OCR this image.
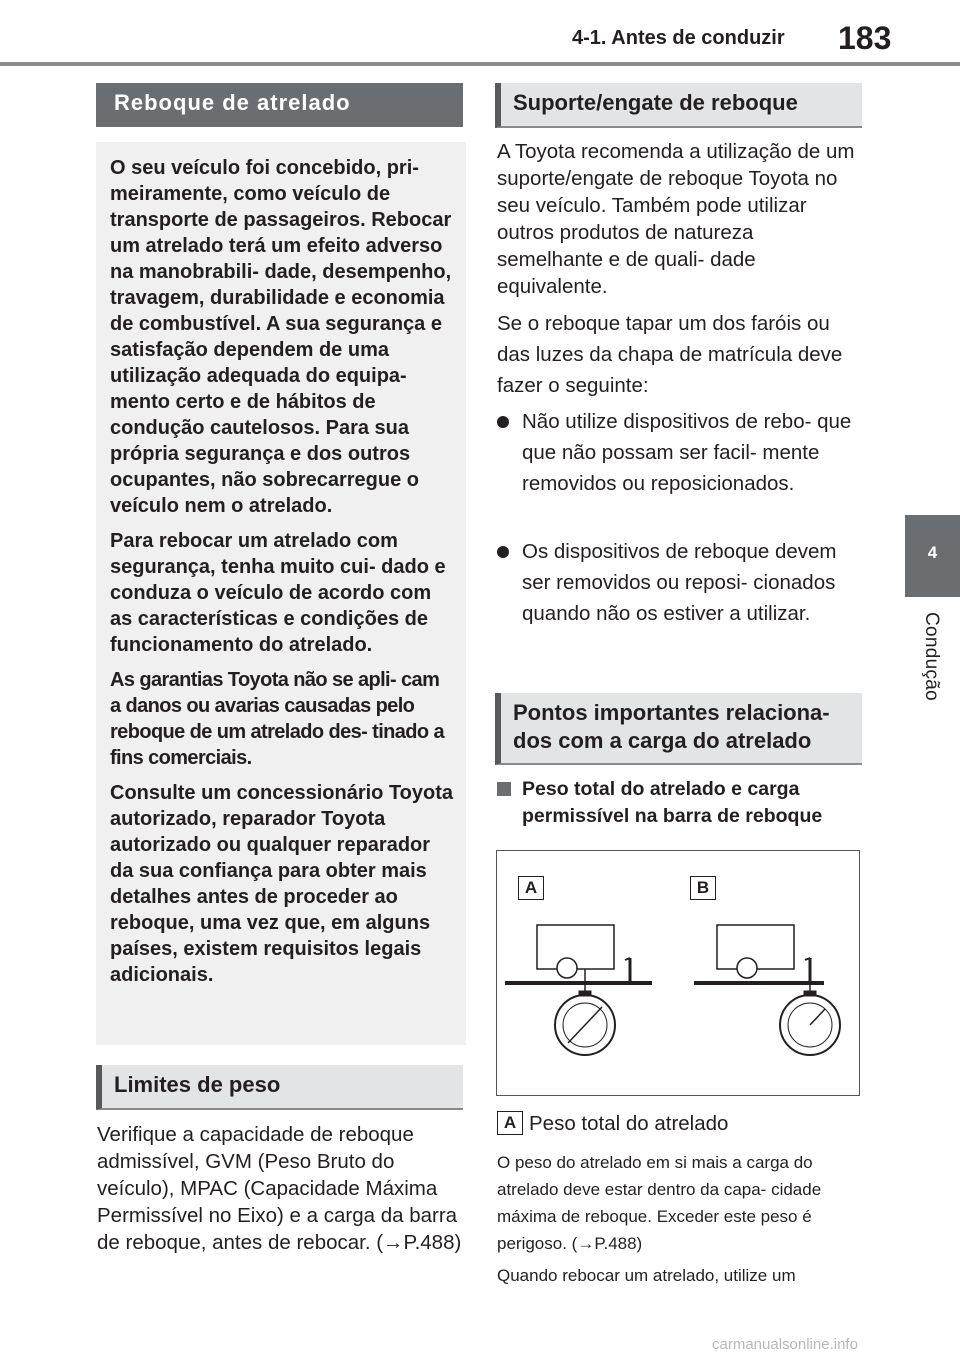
4-1. Antes de conduzir 183
4
Condução
Reboque de atrelado

O seu veículo foi concebido, pri- meiramente, como veículo de transporte de passageiros. Rebocar um atrelado terá um efeito adverso na manobrabili- dade, desempenho, travagem, durabilidade e economia de combustível. A sua segurança e satisfação dependem de uma utilização adequada do equipa- mento certo e de hábitos de condução cautelosos. Para sua própria segurança e dos outros ocupantes, não sobrecarregue o veículo nem o atrelado.

Para rebocar um atrelado com segurança, tenha muito cui- dado e conduza o veículo de acordo com as características e condições de funcionamento do atrelado.

As garantias Toyota não se apli- cam a danos ou avarias causadas pelo reboque de um atrelado des- tinado a fins comerciais.

Consulte um concessionário Toyota autorizado, reparador Toyota autorizado ou qualquer reparador da sua confiança para obter mais detalhes antes de proceder ao reboque, uma vez que, em alguns países, existem requisitos legais adicionais.

Limites de peso

Verifique a capacidade de reboque admissível, GVM (Peso Bruto do veículo), MPAC (Capacidade Máxima Permissível no Eixo) e a carga da barra de reboque, antes de rebocar. (→P.488)

Suporte/engate de reboque

A Toyota recomenda a utilização de um suporte/engate de reboque Toyota no seu veículo. Também pode utilizar outros produtos de natureza semelhante e de quali- dade equivalente.

Se o reboque tapar um dos faróis ou das luzes da chapa de matrícula deve fazer o seguinte:

Não utilize dispositivos de rebo- que que não possam ser facil- mente removidos ou reposicionados.
Os dispositivos de reboque devem ser removidos ou reposi- cionados quando não os estiver a utilizar.
Pontos importantes relaciona- dos com a carga do atrelado
Peso total do atrelado e carga permissível na barra de reboque
A	B
A Peso total do atrelado

O peso do atrelado em si mais a carga do atrelado deve estar dentro da capa- cidade máxima de reboque. Exceder este peso é perigoso. (→P.488)

Quando rebocar um atrelado, utilize um

carmanualsonline.info
